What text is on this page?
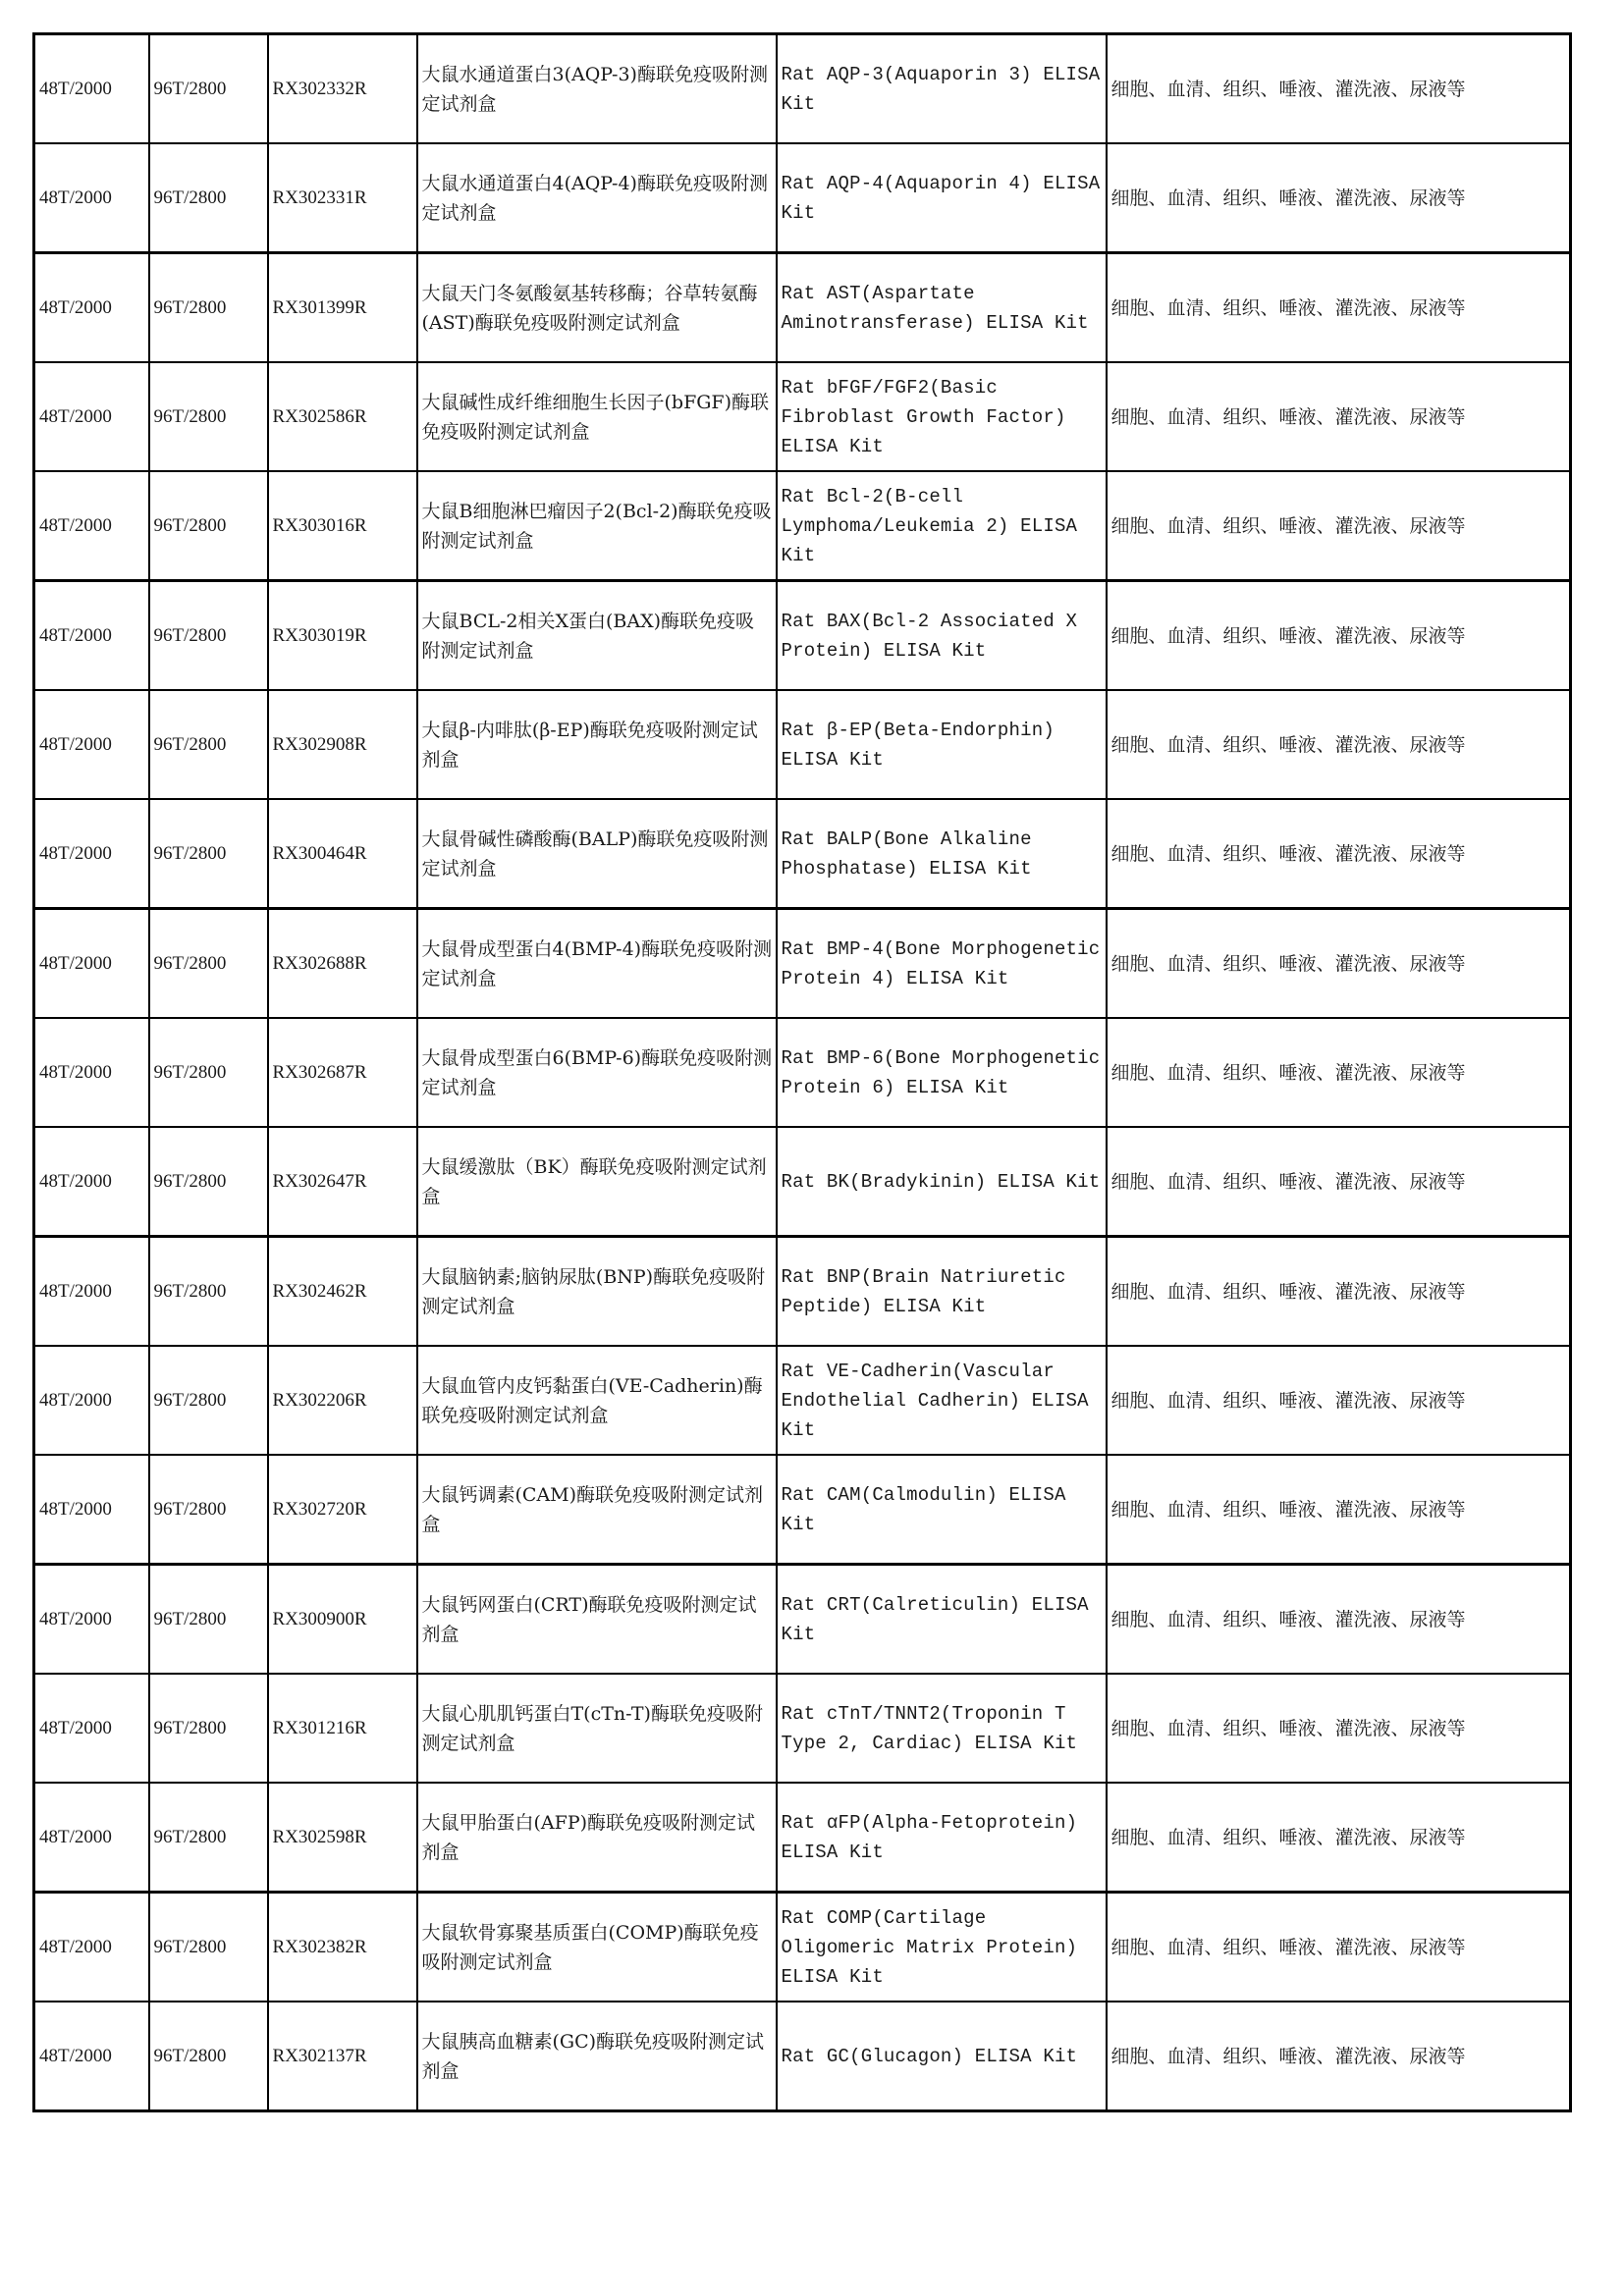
48T/2000	96T/2800	RX302332R	大鼠水通道蛋白3(AQP-3)酶联免疫吸附测定试剂盒	Rat AQP-3(Aquaporin 3) ELISA Kit	细胞、血清、组织、唾液、灌洗液、尿液等
48T/2000	96T/2800	RX302331R	大鼠水通道蛋白4(AQP-4)酶联免疫吸附测定试剂盒	Rat AQP-4(Aquaporin 4) ELISA Kit	细胞、血清、组织、唾液、灌洗液、尿液等
48T/2000	96T/2800	RX301399R	大鼠天门冬氨酸氨基转移酶；谷草转氨酶(AST)酶联免疫吸附测定试剂盒	Rat AST(Aspartate Aminotransferase) ELISA Kit	细胞、血清、组织、唾液、灌洗液、尿液等
48T/2000	96T/2800	RX302586R	大鼠碱性成纤维细胞生长因子(bFGF)酶联免疫吸附测定试剂盒	Rat bFGF/FGF2(Basic Fibroblast Growth Factor) ELISA Kit	细胞、血清、组织、唾液、灌洗液、尿液等
48T/2000	96T/2800	RX303016R	大鼠B细胞淋巴瘤因子2(Bcl-2)酶联免疫吸附测定试剂盒	Rat Bcl-2(B-cell Lymphoma/Leukemia 2) ELISA Kit	细胞、血清、组织、唾液、灌洗液、尿液等
48T/2000	96T/2800	RX303019R	大鼠BCL-2相关X蛋白(BAX)酶联免疫吸附测定试剂盒	Rat BAX(Bcl-2 Associated X Protein) ELISA Kit	细胞、血清、组织、唾液、灌洗液、尿液等
48T/2000	96T/2800	RX302908R	大鼠β-内啡肽(β-EP)酶联免疫吸附测定试剂盒	Rat β-EP(Beta-Endorphin) ELISA Kit	细胞、血清、组织、唾液、灌洗液、尿液等
48T/2000	96T/2800	RX300464R	大鼠骨碱性磷酸酶(BALP)酶联免疫吸附测定试剂盒	Rat BALP(Bone Alkaline Phosphatase) ELISA Kit	细胞、血清、组织、唾液、灌洗液、尿液等
48T/2000	96T/2800	RX302688R	大鼠骨成型蛋白4(BMP-4)酶联免疫吸附测定试剂盒	Rat BMP-4(Bone Morphogenetic Protein 4) ELISA Kit	细胞、血清、组织、唾液、灌洗液、尿液等
48T/2000	96T/2800	RX302687R	大鼠骨成型蛋白6(BMP-6)酶联免疫吸附测定试剂盒	Rat BMP-6(Bone Morphogenetic Protein 6) ELISA Kit	细胞、血清、组织、唾液、灌洗液、尿液等
48T/2000	96T/2800	RX302647R	大鼠缓激肽（BK）酶联免疫吸附测定试剂盒	Rat BK(Bradykinin) ELISA Kit	细胞、血清、组织、唾液、灌洗液、尿液等
48T/2000	96T/2800	RX302462R	大鼠脑钠素;脑钠尿肽(BNP)酶联免疫吸附测定试剂盒	Rat BNP(Brain Natriuretic Peptide) ELISA Kit	细胞、血清、组织、唾液、灌洗液、尿液等
48T/2000	96T/2800	RX302206R	大鼠血管内皮钙黏蛋白(VE-Cadherin)酶联免疫吸附测定试剂盒	Rat VE-Cadherin(Vascular Endothelial Cadherin) ELISA Kit	细胞、血清、组织、唾液、灌洗液、尿液等
48T/2000	96T/2800	RX302720R	大鼠钙调素(CAM)酶联免疫吸附测定试剂盒	Rat CAM(Calmodulin) ELISA Kit	细胞、血清、组织、唾液、灌洗液、尿液等
48T/2000	96T/2800	RX300900R	大鼠钙网蛋白(CRT)酶联免疫吸附测定试剂盒	Rat CRT(Calreticulin) ELISA Kit	细胞、血清、组织、唾液、灌洗液、尿液等
48T/2000	96T/2800	RX301216R	大鼠心肌肌钙蛋白T(cTn-T)酶联免疫吸附测定试剂盒	Rat cTnT/TNNT2(Troponin T Type 2, Cardiac) ELISA Kit	细胞、血清、组织、唾液、灌洗液、尿液等
48T/2000	96T/2800	RX302598R	大鼠甲胎蛋白(AFP)酶联免疫吸附测定试剂盒	Rat αFP(Alpha-Fetoprotein) ELISA Kit	细胞、血清、组织、唾液、灌洗液、尿液等
48T/2000	96T/2800	RX302382R	大鼠软骨寡聚基质蛋白(COMP)酶联免疫吸附测定试剂盒	Rat COMP(Cartilage Oligomeric Matrix Protein) ELISA Kit	细胞、血清、组织、唾液、灌洗液、尿液等
48T/2000	96T/2800	RX302137R	大鼠胰高血糖素(GC)酶联免疫吸附测定试剂盒	Rat GC(Glucagon) ELISA Kit	细胞、血清、组织、唾液、灌洗液、尿液等
